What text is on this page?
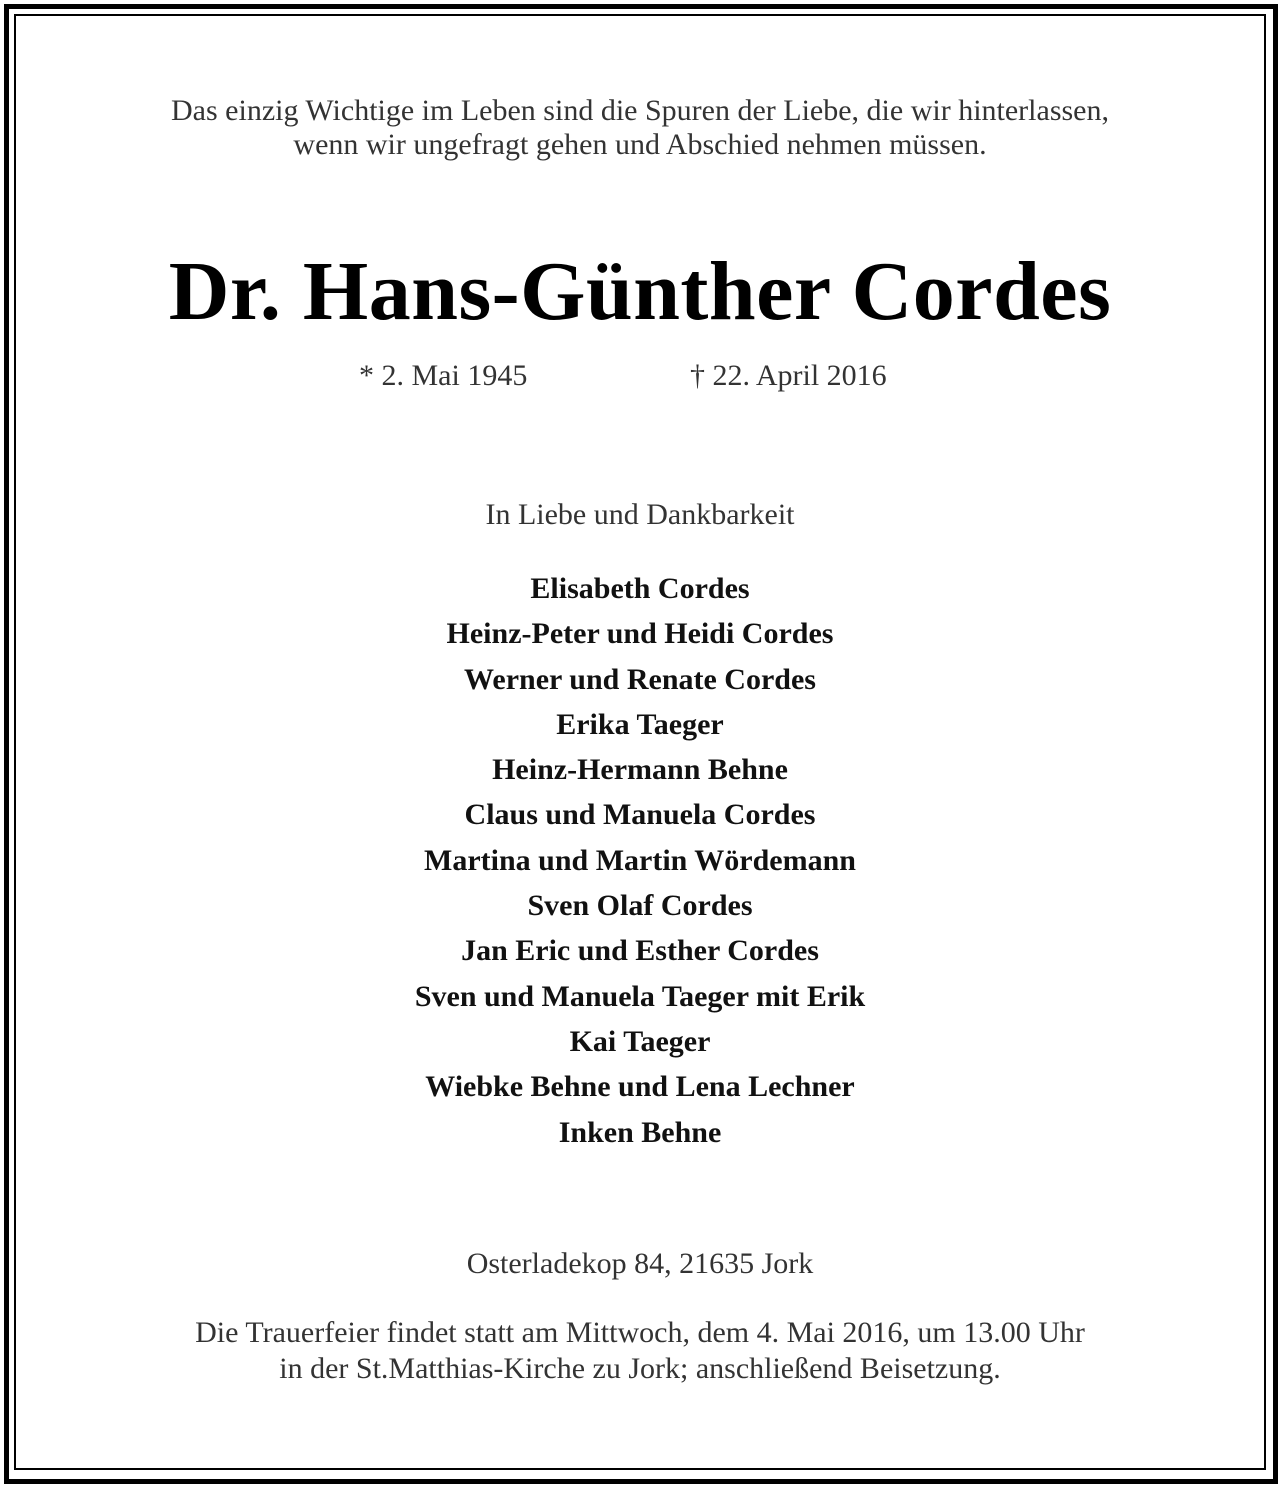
Das einzig Wichtige im Leben sind die Spuren der Liebe, die wir hinterlassen,
wenn wir ungefragt gehen und Abschied nehmen müssen.
Dr. Hans-Günther Cordes
* 2. Mai 1945	† 22. April 2016
In Liebe und Dankbarkeit
Elisabeth Cordes
Heinz-Peter und Heidi Cordes
Werner und Renate Cordes
Erika Taeger
Heinz-Hermann Behne
Claus und Manuela Cordes
Martina und Martin Wördemann
Sven Olaf Cordes
Jan Eric und Esther Cordes
Sven und Manuela Taeger mit Erik
Kai Taeger
Wiebke Behne und Lena Lechner
Inken Behne
Osterladekop 84, 21635 Jork
Die Trauerfeier findet statt am Mittwoch, dem 4. Mai 2016, um 13.00 Uhr
in der St.Matthias-Kirche zu Jork; anschließend Beisetzung.
